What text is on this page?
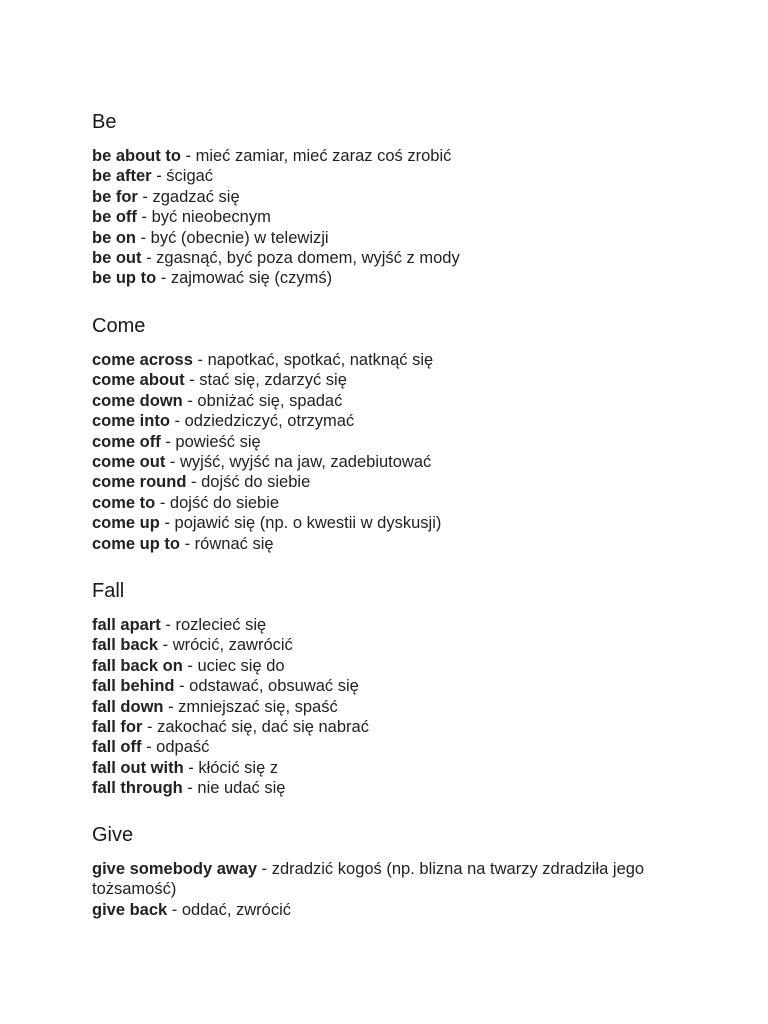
Be

be about to - mieć zamiar, mieć zaraz coś zrobić

be after - ścigać

be for - zgadzać się

be off - być nieobecnym

be on - być (obecnie) w telewizji

be out - zgasnąć, być poza domem, wyjść z mody

be up to - zajmować się (czymś)

Come

come across - napotkać, spotkać, natknąć się

come about - stać się, zdarzyć się

come down - obniżać się, spadać

come into - odziedziczyć, otrzymać

come off - powieść się

come out - wyjść, wyjść na jaw, zadebiutować

come round - dojść do siebie

come to - dojść do siebie

come up - pojawić się (np. o kwestii w dyskusji)

come up to - równać się

Fall

fall apart - rozlecieć się

fall back - wrócić, zawrócić

fall back on - uciec się do

fall behind - odstawać, obsuwać się

fall down - zmniejszać się, spaść

fall for - zakochać się, dać się nabrać

fall off - odpaść

fall out with - kłócić się z

fall through - nie udać się

Give

give somebody away - zdradzić kogoś (np. blizna na twarzy zdradziła jego tożsamość)

give back - oddać, zwrócić
